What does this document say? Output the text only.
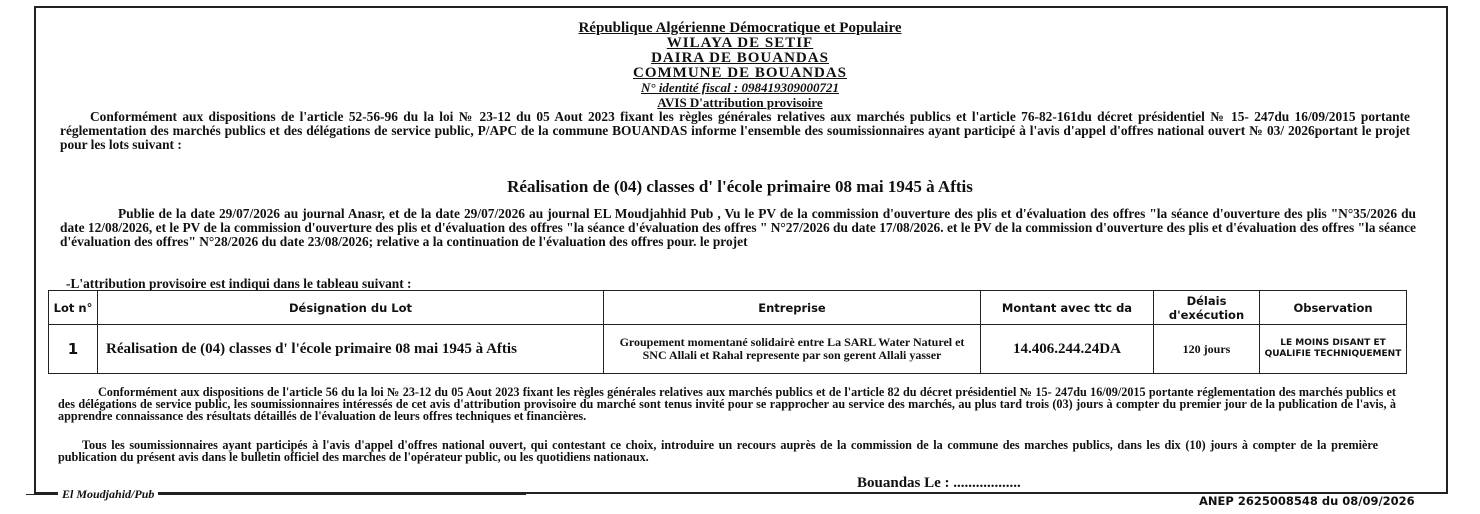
République Algérienne Démocratique et Populaire
WILAYA DE SETIF
DAIRA DE BOUANDAS
COMMUNE DE BOUANDAS
N° identité fiscal : 098419309000721
AVIS D'attribution provisoire
Conformément aux dispositions de l'article 52-56-96 du la loi № 23-12 du 05 Aout 2023 fixant les règles générales relatives aux marchés publics et l'article 76-82-161du décret présidentiel № 15- 247du 16/09/2015 portante réglementation des marchés publics et des délégations de service public, P/APC de la commune BOUANDAS informe l'ensemble des soumissionnaires ayant participé à l'avis d'appel d'offres national ouvert № 03/ 2026portant le projet pour les lots suivant :
Réalisation de (04) classes d' l'école primaire 08 mai 1945 à Aftis
Publie de la date 29/07/2026 au journal Anasr, et de la date 29/07/2026 au journal EL Moudjahhid Pub , Vu le PV de la commission d'ouverture des plis et d'évaluation des offres "la séance d'ouverture des plis "N°35/2026 du date 12/08/2026, et le PV de la commission d'ouverture des plis et d'évaluation des offres "la séance d'évaluation des offres " N°27/2026 du date 17/08/2026. et le PV de la commission d'ouverture des plis et d'évaluation des offres "la séance d'évaluation des offres" N°28/2026 du date 23/08/2026; relative a la continuation de l'évaluation des offres pour. le projet
-L'attribution provisoire est indiqui dans le tableau suivant :
Lot n°	Désignation du Lot	Entreprise	Montant avec ttc da	Délais d'exécution	Observation
1	Réalisation de (04) classes d' l'école primaire 08 mai 1945 à Aftis	Groupement momentané solidairè entre La SARL Water Naturel et SNC Allali et Rahal represente par son gerent Allali yasser	14.406.244.24DA	120 jours	LE MOINS DISANT ET QUALIFIE TECHNIQUEMENT
Conformément aux dispositions de l'article 56 du la loi № 23-12 du 05 Aout 2023 fixant les règles générales relatives aux marchés publics et de l'article 82 du décret présidentiel № 15- 247du 16/09/2015 portante réglementation des marchés publics et des délégations de service public, les soumissionnaires intéressés de cet avis d'attribution provisoire du marché sont tenus invité pour se rapprocher au service des marchés, au plus tard trois (03) jours à compter du premier jour de la publication de l'avis, à apprendre connaissance des résultats détaillés de l'évaluation de leurs offres techniques et financières.
Tous les soumissionnaires ayant participés à l'avis d'appel d'offres national ouvert, qui contestant ce choix, introduire un recours auprès de la commission de la commune des marches publics, dans les dix (10) jours à compter de la première publication du présent avis dans le bulletin officiel des marches de l'opérateur public, ou les quotidiens nationaux.
Bouandas Le : ..................
El Moudjahid/Pub	ANEP 2625008548 du 08/09/2026
